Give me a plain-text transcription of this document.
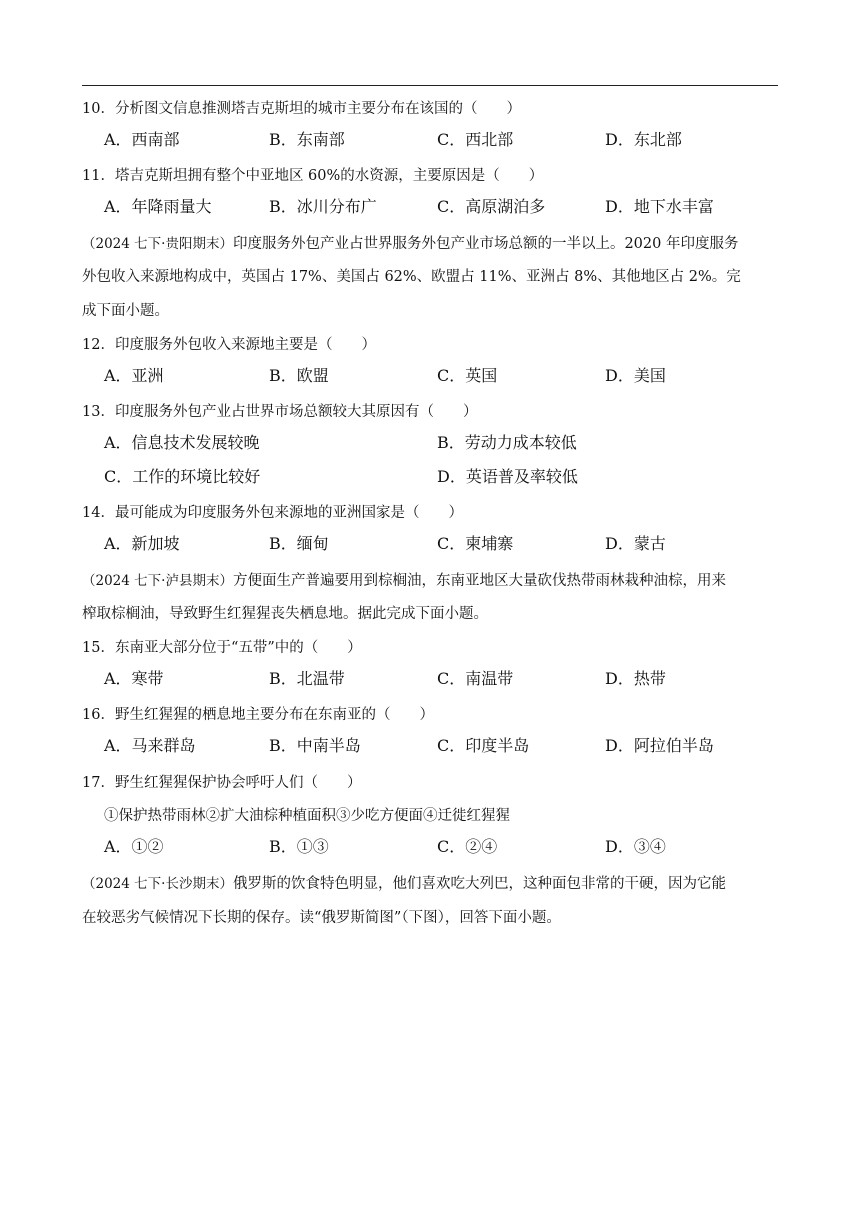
10．分析图文信息推测塔吉克斯坦的城市主要分布在该国的（　　）
A．西南部	B．东南部	C．西北部	D．东北部
11．塔吉克斯坦拥有整个中亚地区 60%的水资源，主要原因是（　　）
A．年降雨量大	B．冰川分布广	C．高原湖泊多	D．地下水丰富
（2024 七下·贵阳期末）印度服务外包产业占世界服务外包产业市场总额的一半以上。2020 年印度服务
外包收入来源地构成中，英国占 17%、美国占 62%、欧盟占 11%、亚洲占 8%、其他地区占 2%。完
成下面小题。
12．印度服务外包收入来源地主要是（　　）
A．亚洲	B．欧盟	C．英国	D．美国
13．印度服务外包产业占世界市场总额较大其原因有（　　）
A．信息技术发展较晚	B．劳动力成本较低
C．工作的环境比较好	D．英语普及率较低
14．最可能成为印度服务外包来源地的亚洲国家是（　　）
A．新加坡	B．缅甸	C．柬埔寨	D．蒙古
（2024 七下·泸县期末）方便面生产普遍要用到棕榈油，东南亚地区大量砍伐热带雨林栽种油棕，用来
榨取棕榈油，导致野生红猩猩丧失栖息地。据此完成下面小题。
15．东南亚大部分位于“五带”中的（　　）
A．寒带	B．北温带	C．南温带	D．热带
16．野生红猩猩的栖息地主要分布在东南亚的（　　）
A．马来群岛	B．中南半岛	C．印度半岛	D．阿拉伯半岛
17．野生红猩猩保护协会呼吁人们（　　）
①保护热带雨林②扩大油棕种植面积③少吃方便面④迁徙红猩猩
A．①②	B．①③	C．②④	D．③④
（2024 七下·长沙期末）俄罗斯的饮食特色明显，他们喜欢吃大列巴，这种面包非常的干硬，因为它能
在较恶劣气候情况下长期的保存。读“俄罗斯简图”（下图），回答下面小题。
